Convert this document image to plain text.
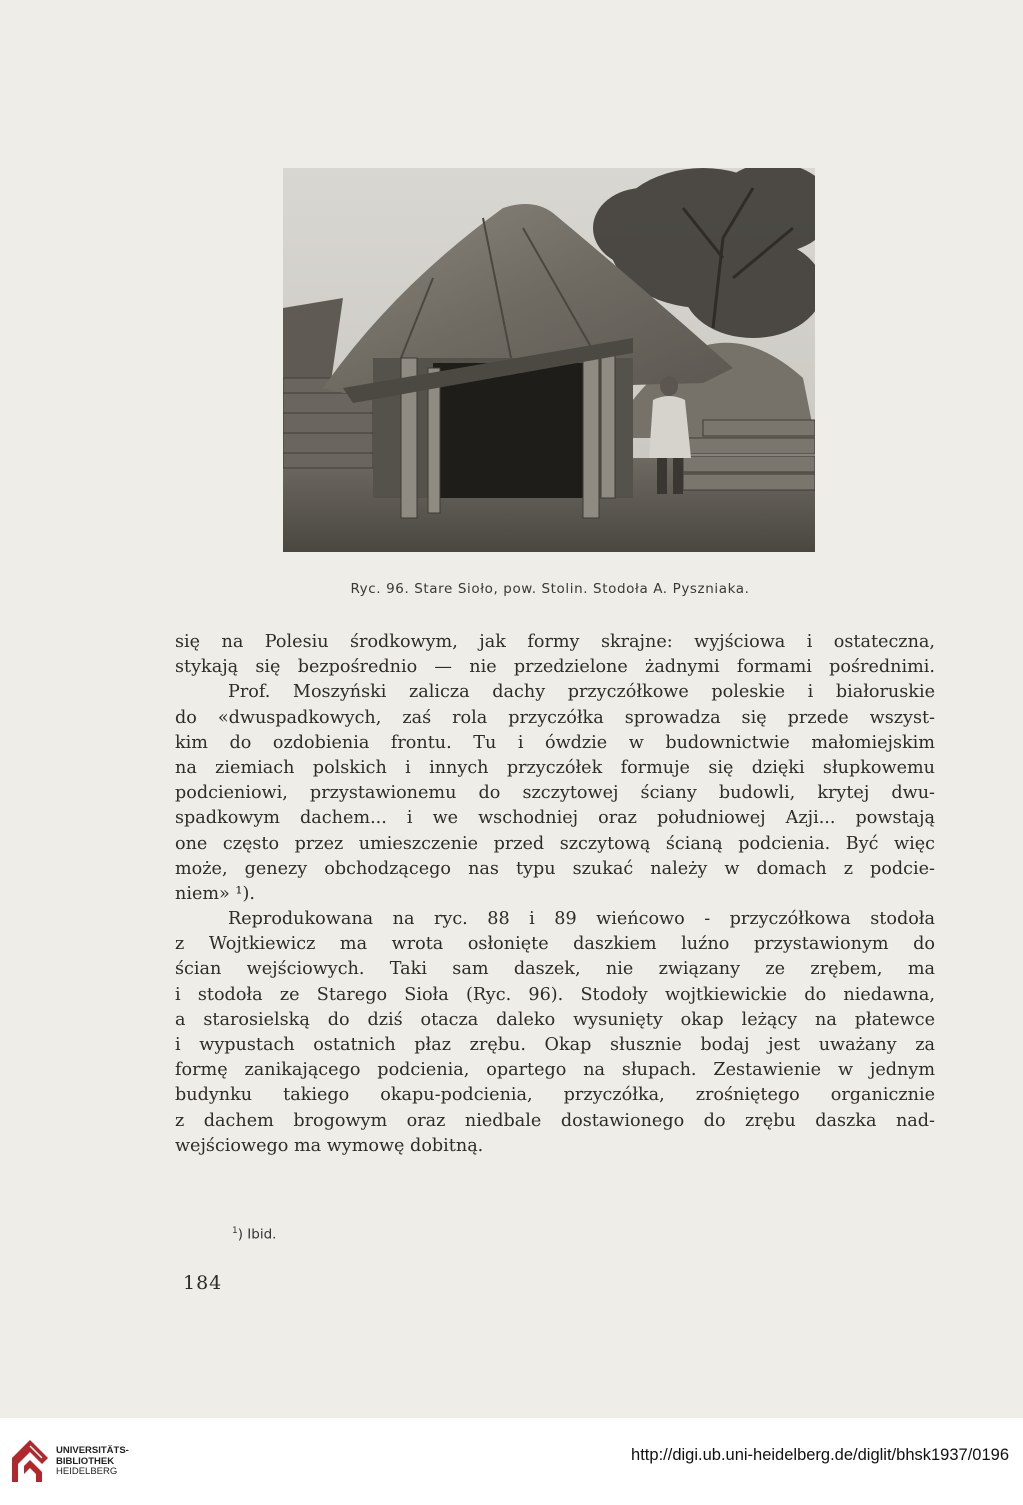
Ryc. 96. Stare Sioło, pow. Stolin. Stodoła A. Pyszniaka.
się na Polesiu środkowym, jak formy skrajne: wyjściowa i ostateczna,
stykają się bezpośrednio — nie przedzielone żadnymi formami pośrednimi.
Prof. Moszyński zalicza dachy przyczółkowe poleskie i białoruskie
do «dwuspadkowych, zaś rola przyczółka sprowadza się przede wszyst-
kim do ozdobienia frontu. Tu i ówdzie w budownictwie małomiejskim
na ziemiach polskich i innych przyczółek formuje się dzięki słupkowemu
podcieniowi, przystawionemu do szczytowej ściany budowli, krytej dwu-
spadkowym dachem... i we wschodniej oraz południowej Azji... powstają
one często przez umieszczenie przed szczytową ścianą podcienia. Być więc
może, genezy obchodzącego nas typu szukać należy w domach z podcie-
niem» ¹).
Reprodukowana na ryc. 88 i 89 wieńcowo - przyczółkowa stodoła
z Wojtkiewicz ma wrota osłonięte daszkiem luźno przystawionym do
ścian wejściowych. Taki sam daszek, nie związany ze zrębem, ma
i stodoła ze Starego Sioła (Ryc. 96). Stodoły wojtkiewickie do niedawna,
a starosielską do dziś otacza daleko wysunięty okap leżący na płatewce
i wypustach ostatnich płaz zrębu. Okap słusznie bodaj jest uważany za
formę zanikającego podcienia, opartego na słupach. Zestawienie w jednym
budynku takiego okapu-podcienia, przyczółka, zrośniętego organicznie
z dachem brogowym oraz niedbale dostawionego do zrębu daszka nad-
wejściowego ma wymowę dobitną.
$^1$) Ibid.
184
UNIVERSITÄTS-
BIBLIOTHEK
HEIDELBERG
http://digi.ub.uni-heidelberg.de/diglit/bhsk1937/0196
